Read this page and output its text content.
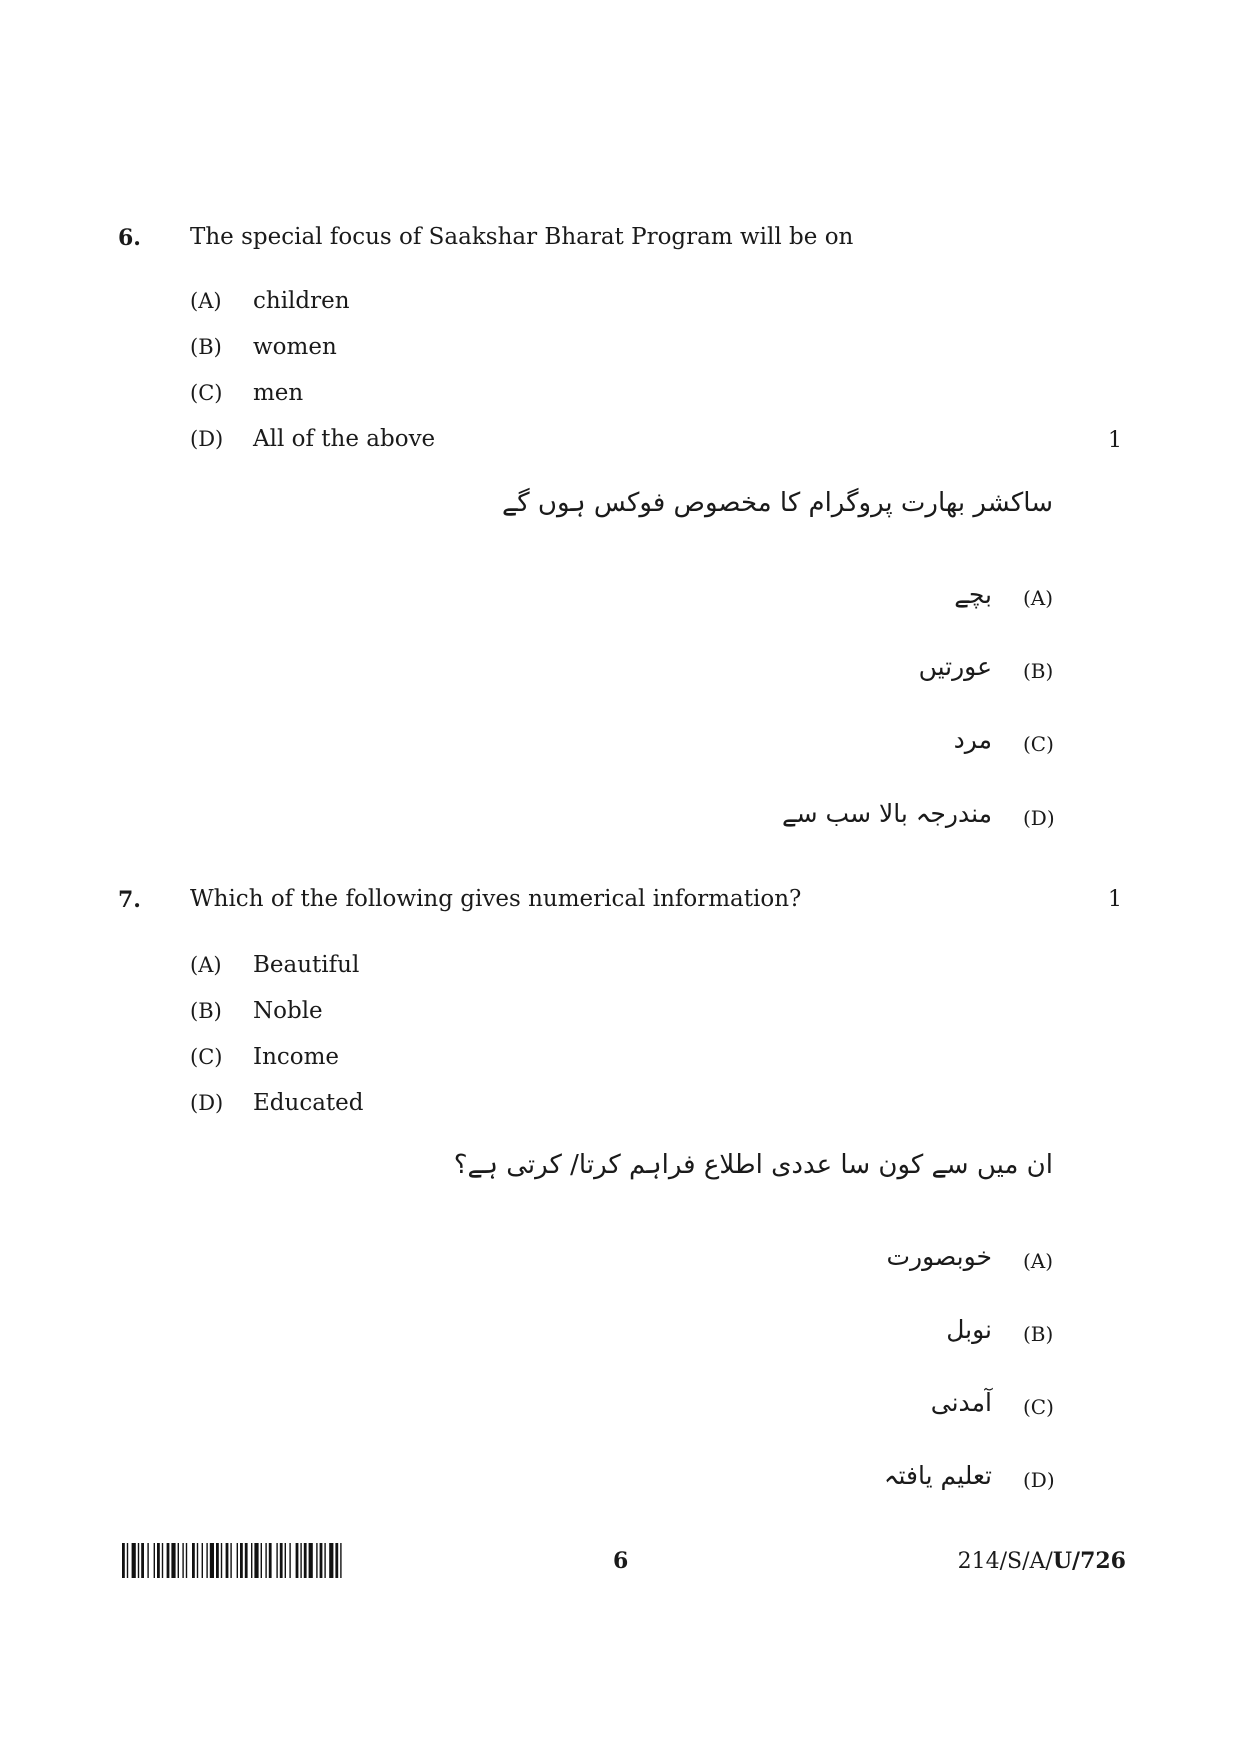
6. The special focus of Saakshar Bharat Program will be on
(A) children
(B) women
(C) men
(D) All of the above	1
ساکشر بھارت پروگرام کا مخصوص فوکس ہوں گے
بچے (A)
عورتیں (B)
مرد (C)
مندرجہ بالا سب سے (D)
7. Which of the following gives numerical information?	1
(A) Beautiful
(B) Noble
(C) Income
(D) Educated
ان میں سے کون سا عددی اطلاع فراہم کرتا/ کرتی ہے؟
خوبصورت (A)
نوبل (B)
آمدنی (C)
تعلیم یافتہ (D)
6	214/S/A/U/726
